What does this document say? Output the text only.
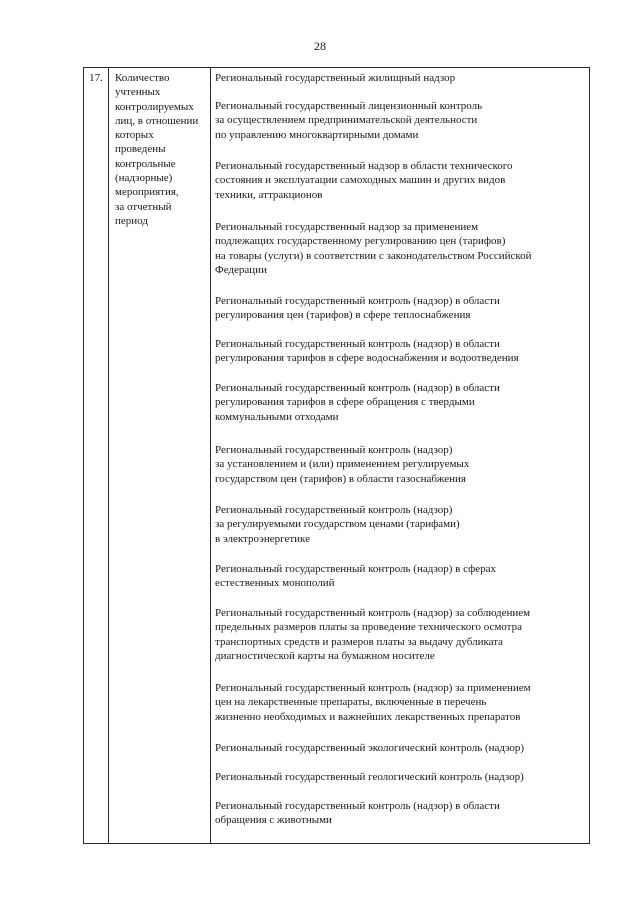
28
17.	Количество
учтенных
контролируемых
лиц, в отношении
которых
проведены
контрольные
(надзорные)
мероприятия,
за отчетный
период
Региональный государственный жилищный надзор
Региональный государственный лицензионный контроль
за осуществлением предпринимательской деятельности
по управлению многоквартирными домами
Региональный государственный надзор в области технического
состояния и эксплуатации самоходных машин и других видов
техники, аттракционов
Региональный государственный надзор за применением
подлежащих государственному регулированию цен (тарифов)
на товары (услуги) в соответствии с законодательством Российской
Федерации
Региональный государственный контроль (надзор) в области
регулирования цен (тарифов) в сфере теплоснабжения
Региональный государственный контроль (надзор) в области
регулирования тарифов в сфере водоснабжения и водоотведения
Региональный государственный контроль (надзор) в области
регулирования тарифов в сфере обращения с твердыми
коммунальными отходами
Региональный государственный контроль (надзор)
за установлением и (или) применением регулируемых
государством цен (тарифов) в области газоснабжения
Региональный государственный контроль (надзор)
за регулируемыми государством ценами (тарифами)
в электроэнергетике
Региональный государственный контроль (надзор) в сферах
естественных монополий
Региональный государственный контроль (надзор) за соблюдением
предельных размеров платы за проведение технического осмотра
транспортных средств и размеров платы за выдачу дубликата
диагностической карты на бумажном носителе
Региональный государственный контроль (надзор) за применением
цен на лекарственные препараты, включенные в перечень
жизненно необходимых и важнейших лекарственных препаратов
Региональный государственный экологический контроль (надзор)
Региональный государственный геологический контроль (надзор)
Региональный государственный контроль (надзор) в области
обращения с животными
